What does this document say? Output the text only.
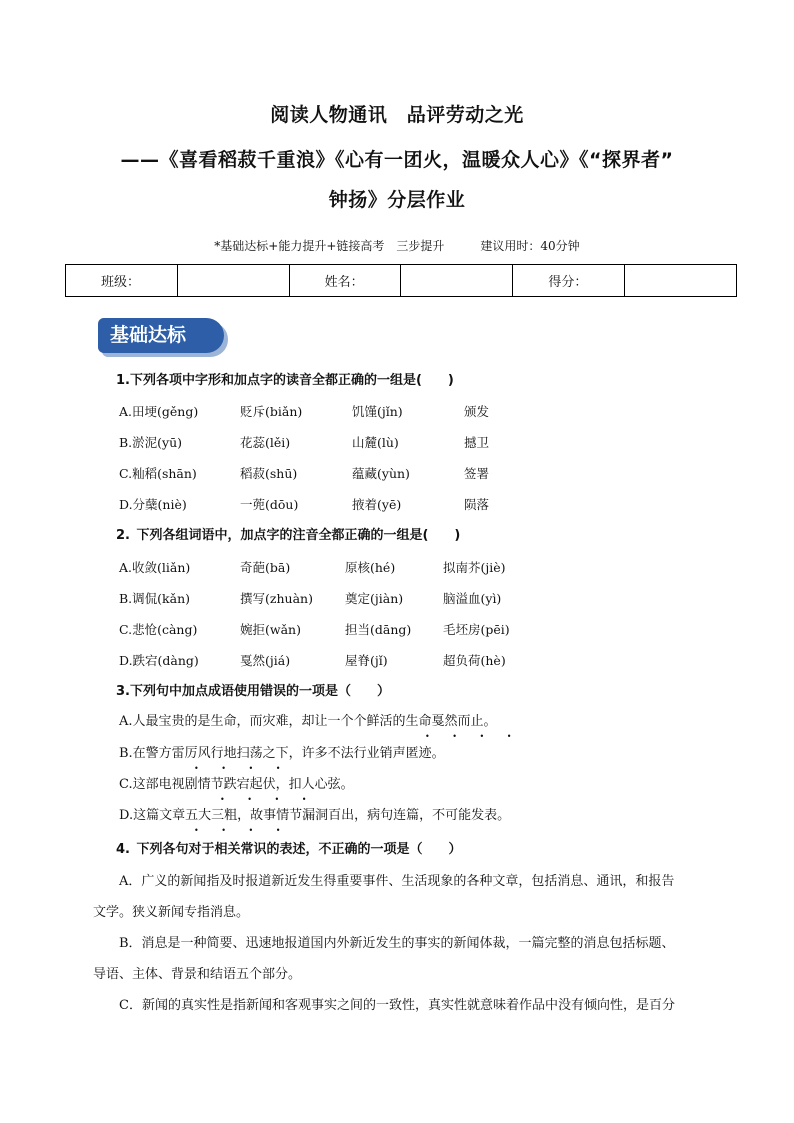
阅读人物通讯　品评劳动之光
——《喜看稻菽千重浪》《心有一团火，温暖众人心》《“探界者”
钟扬》分层作业
*基础达标+能力提升+链接高考　三步提升　　　建议用时：40分钟
班级：		姓名：		得分：	
基础达标
1.下列各项中字形和加点字的读音全都正确的一组是(　　)
A.田埂(gěng)	贬斥(biǎn)	饥馑(jǐn)	颁发
B.淤泥(yū)	花蕊(lěi)	山麓(lù)	撼卫
C.籼稻(shān)	稻菽(shū)	蕴藏(yùn)	签署
D.分蘖(niè)	一蔸(dōu)	掖着(yē)	陨落
2. 下列各组词语中，加点字的注音全都正确的一组是(　　)
A.收敛(liǎn)	奇葩(bā)	原核(hé)	拟南芥(jiè)
B.调侃(kǎn)	撰写(zhuàn)	奠定(jiàn)	脑溢血(yì)
C.悲怆(càng)	婉拒(wǎn)	担当(dāng)	毛坯房(pēi)
D.跌宕(dàng)	戛然(jiá)	屋脊(jǐ)	超负荷(hè)
3.下列句中加点成语使用错误的一项是（　　）
A.人最宝贵的是生命，而灾难，却让一个个鲜活的生命戛然而止。
B.在警方雷厉风行地扫荡之下，许多不法行业销声匿迹。
C.这部电视剧情节跌宕起伏，扣人心弦。
D.这篇文章五大三粗，故事情节漏洞百出，病句连篇，不可能发表。
• • • •
• • • •
• • • •
• • • •
4. 下列各句对于相关常识的表述，不正确的一项是（　　）
A．广义的新闻指及时报道新近发生得重要事件、生活现象的各种文章，包括消息、通讯，和报告
文学。狭义新闻专指消息。
B．消息是一种简要、迅速地报道国内外新近发生的事实的新闻体裁，一篇完整的消息包括标题、
导语、主体、背景和结语五个部分。
C．新闻的真实性是指新闻和客观事实之间的一致性，真实性就意味着作品中没有倾向性，是百分
